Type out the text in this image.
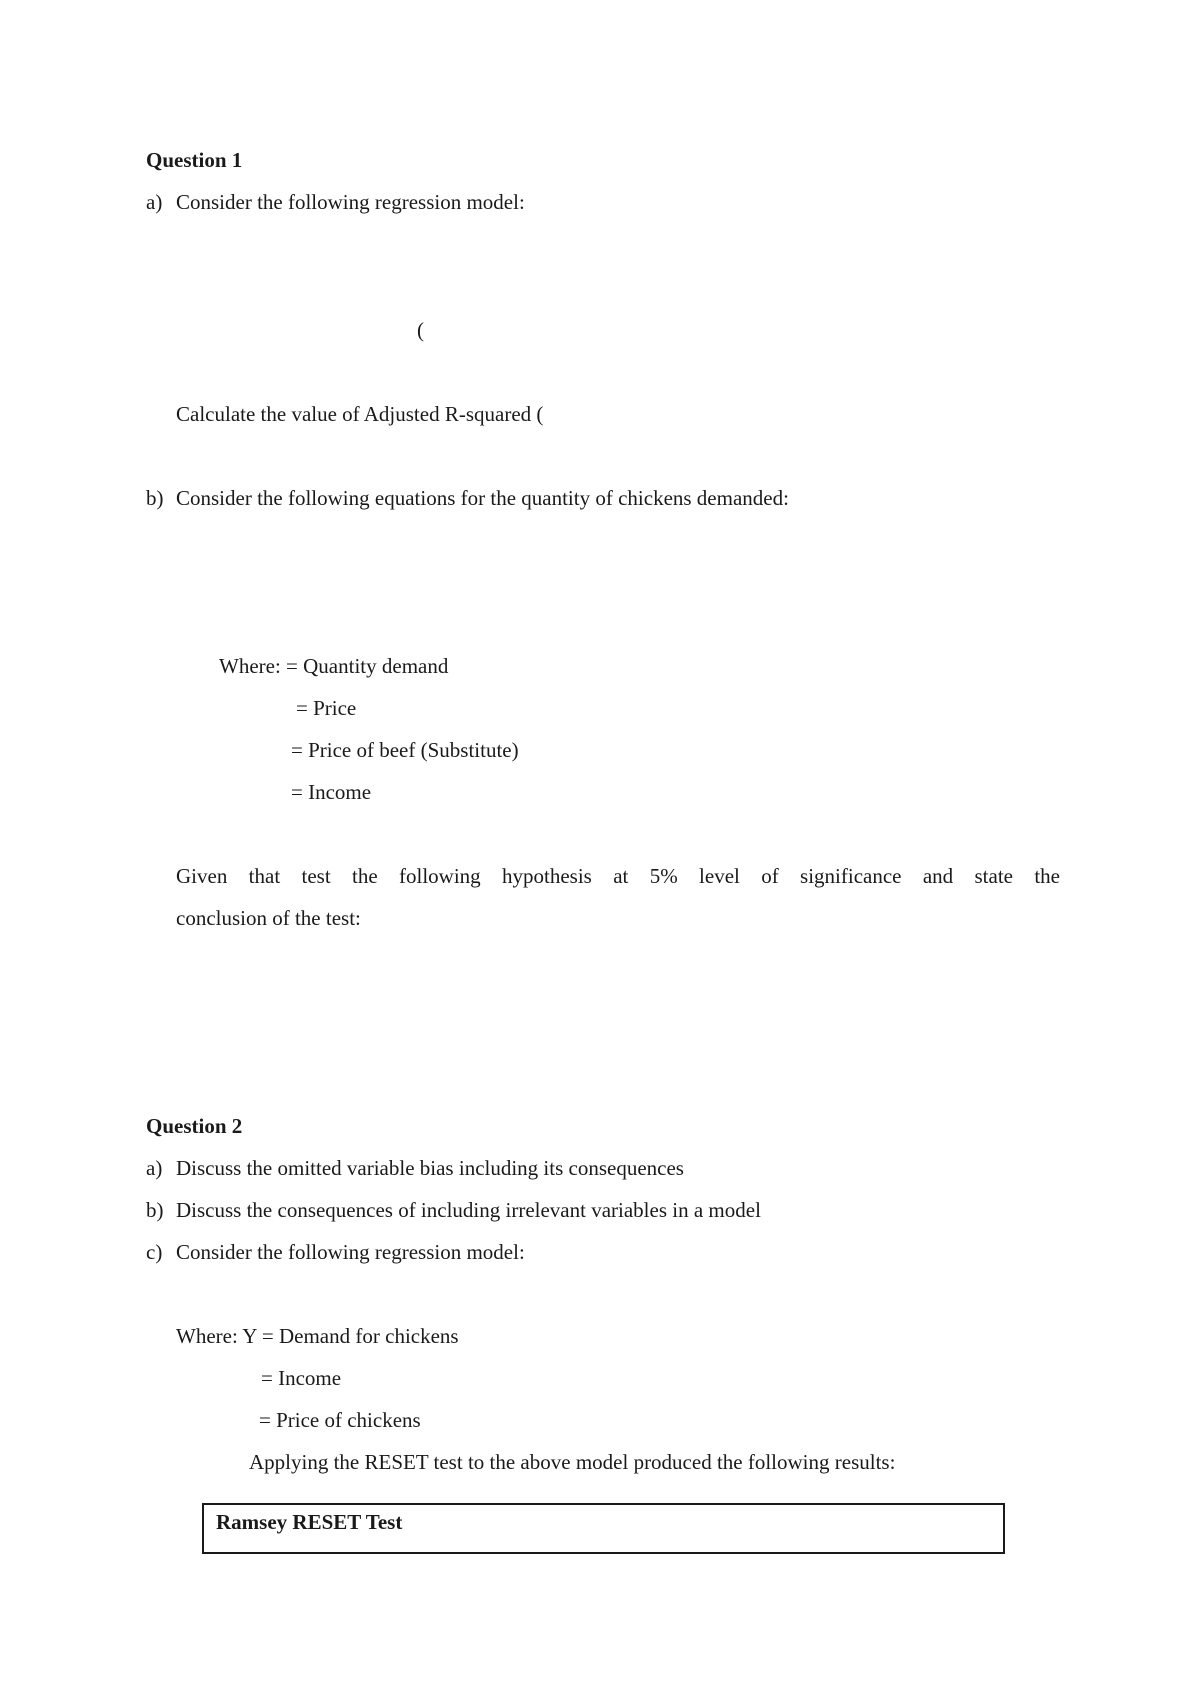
Question 1
a) Consider the following regression model:
(
Calculate the value of Adjusted R-squared (
b) Consider the following equations for the quantity of chickens demanded:
Where: = Quantity demand
= Price
= Price of beef (Substitute)
= Income
Given that test the following hypothesis at 5% level of significance and state the
conclusion of the test:
Question 2
a) Discuss the omitted variable bias including its consequences
b) Discuss the consequences of including irrelevant variables in a model
c) Consider the following regression model:
Where: Y = Demand for chickens
= Income
= Price of chickens
Applying the RESET test to the above model produced the following results:
Ramsey RESET Test
